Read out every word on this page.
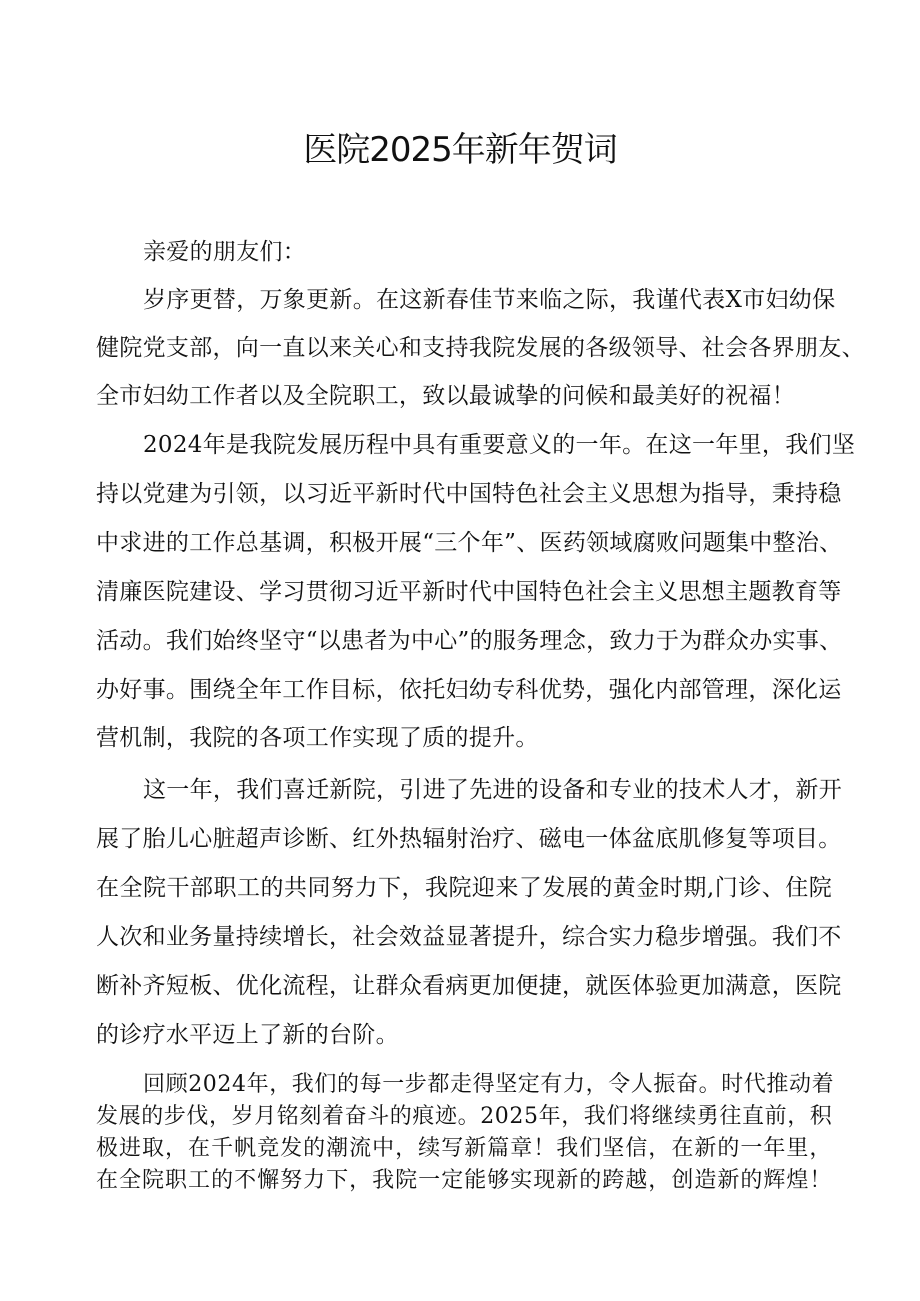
医院2025年新年贺词

亲爱的朋友们：

岁序更替，万象更新。在这新春佳节来临之际，我谨代表X市妇幼保

健院党支部，向一直以来关心和支持我院发展的各级领导、社会各界朋友、

全市妇幼工作者以及全院职工，致以最诚挚的问候和最美好的祝福！

2024年是我院发展历程中具有重要意义的一年。在这一年里，我们坚

持以党建为引领，以习近平新时代中国特色社会主义思想为指导，秉持稳

中求进的工作总基调，积极开展“三个年”、医药领域腐败问题集中整治、

清廉医院建设、学习贯彻习近平新时代中国特色社会主义思想主题教育等

活动。我们始终坚守“以患者为中心”的服务理念，致力于为群众办实事、

办好事。围绕全年工作目标，依托妇幼专科优势，强化内部管理，深化运

营机制，我院的各项工作实现了质的提升。

这一年，我们喜迁新院，引进了先进的设备和专业的技术人才，新开

展了胎儿心脏超声诊断、红外热辐射治疗、磁电一体盆底肌修复等项目。

在全院干部职工的共同努力下，我院迎来了发展的黄金时期,门诊、住院

人次和业务量持续增长，社会效益显著提升，综合实力稳步增强。我们不

断补齐短板、优化流程，让群众看病更加便捷，就医体验更加满意，医院

的诊疗水平迈上了新的台阶。

回顾2024年，我们的每一步都走得坚定有力，令人振奋。时代推动着

发展的步伐，岁月铭刻着奋斗的痕迹。2025年，我们将继续勇往直前，积

极进取，在千帆竞发的潮流中，续写新篇章！我们坚信，在新的一年里，

在全院职工的不懈努力下，我院一定能够实现新的跨越，创造新的辉煌！
